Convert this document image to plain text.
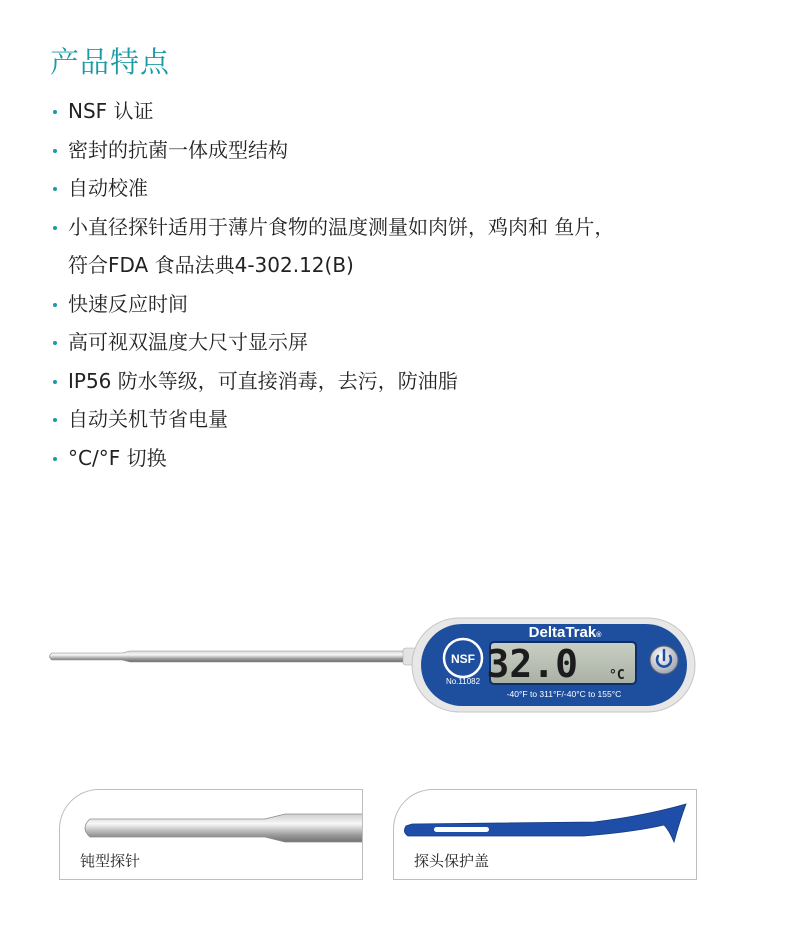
产品特点
NSF 认证
密封的抗菌一体成型结构
自动校准
小直径探针适用于薄片食物的温度测量如肉饼，鸡肉和 鱼片，
符合FDA 食品法典4-302.12(B)
快速反应时间
高可视双温度大尺寸显示屏
IP56 防水等级，可直接消毒，去污，防油脂
自动关机节省电量
°C/°F 切换
DeltaTrak®
NSF
No.11082 32.0 °C
-40°F to 311°F/-40°C to 155°C
钝型探针	探头保护盖
